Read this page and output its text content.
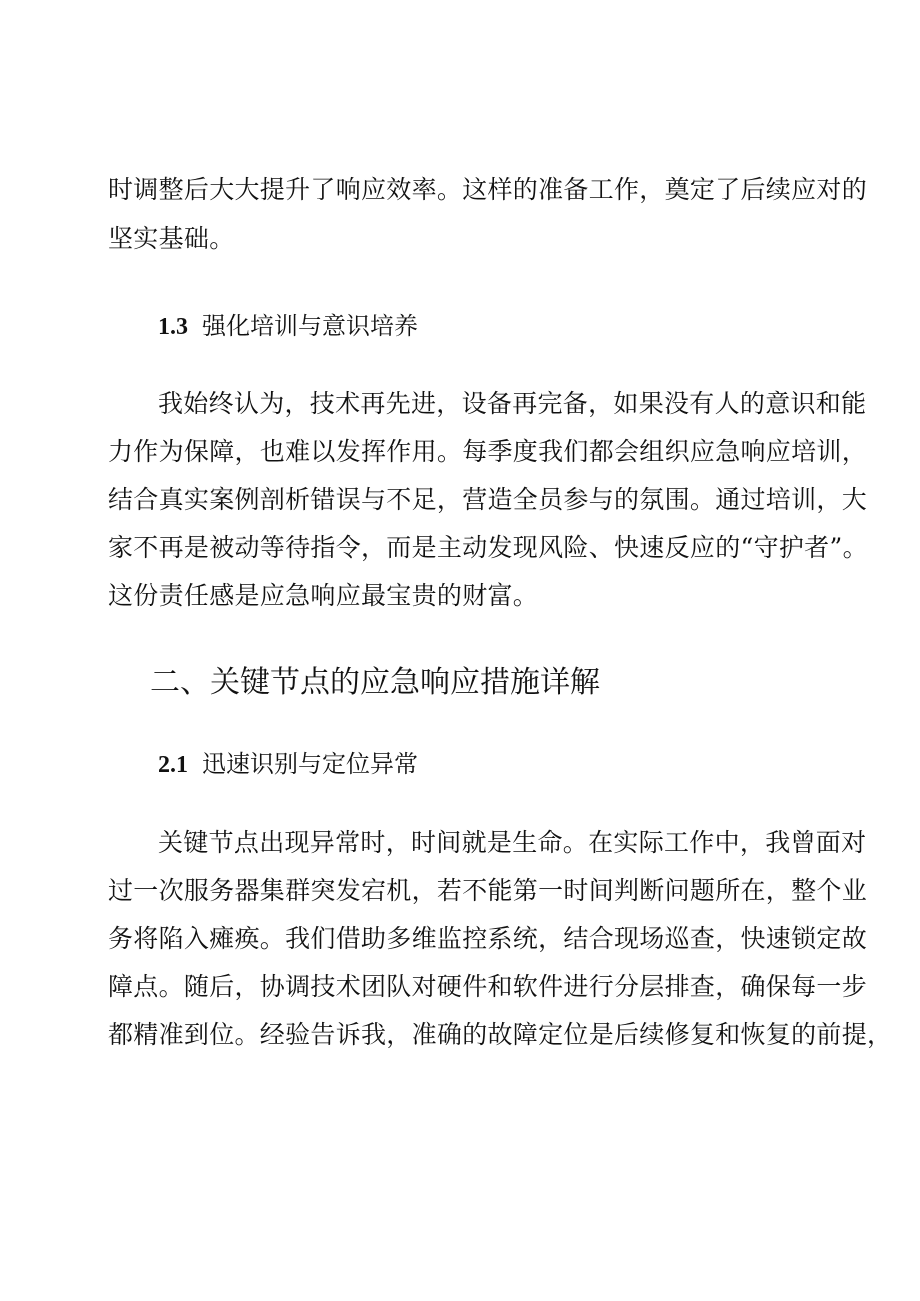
时调整后大大提升了响应效率。这样的准备工作，奠定了后续应对的
坚实基础。
1.3 强化培训与意识培养
我始终认为，技术再先进，设备再完备，如果没有人的意识和能
力作为保障，也难以发挥作用。每季度我们都会组织应急响应培训，
结合真实案例剖析错误与不足，营造全员参与的氛围。通过培训，大
家不再是被动等待指令，而是主动发现风险、快速反应的“守护者”。
这份责任感是应急响应最宝贵的财富。
二、关键节点的应急响应措施详解
2.1 迅速识别与定位异常
关键节点出现异常时，时间就是生命。在实际工作中，我曾面对
过一次服务器集群突发宕机，若不能第一时间判断问题所在，整个业
务将陷入瘫痪。我们借助多维监控系统，结合现场巡查，快速锁定故
障点。随后，协调技术团队对硬件和软件进行分层排查，确保每一步
都精准到位。经验告诉我，准确的故障定位是后续修复和恢复的前提，
